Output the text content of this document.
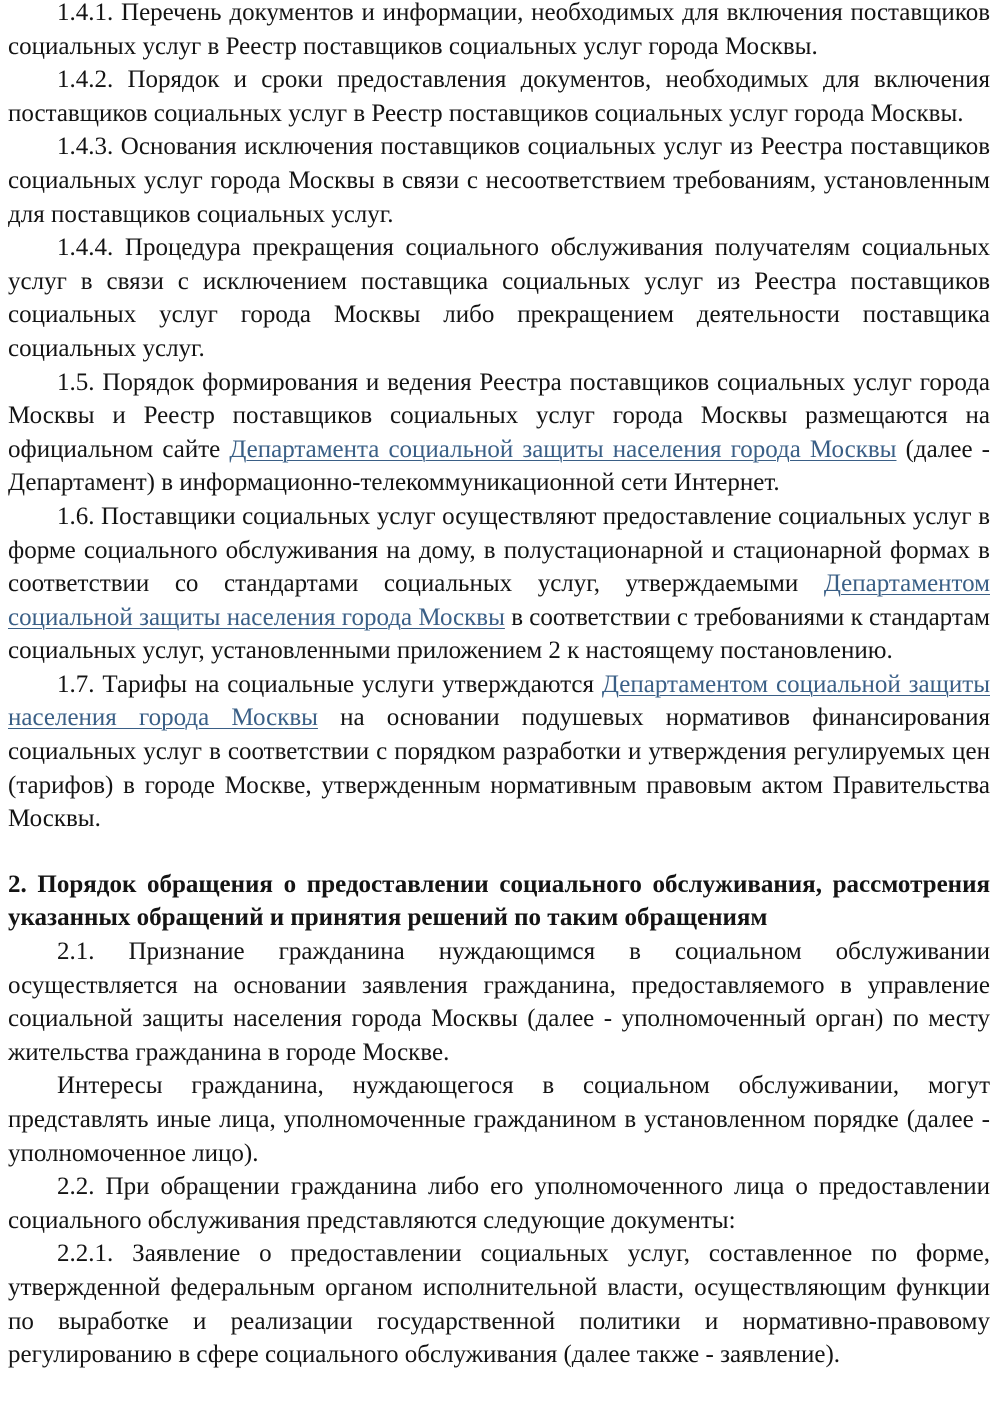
1.4.1. Перечень документов и информации, необходимых для включения поставщиков социальных услуг в Реестр поставщиков социальных услуг города Москвы.

1.4.2. Порядок и сроки предоставления документов, необходимых для включения поставщиков социальных услуг в Реестр поставщиков социальных услуг города Москвы.

1.4.3. Основания исключения поставщиков социальных услуг из Реестра поставщиков социальных услуг города Москвы в связи с несоответствием требованиям, установленным для поставщиков социальных услуг.

1.4.4. Процедура прекращения социального обслуживания получателям социальных услуг в связи с исключением поставщика социальных услуг из Реестра поставщиков социальных услуг города Москвы либо прекращением деятельности поставщика социальных услуг.

1.5. Порядок формирования и ведения Реестра поставщиков социальных услуг города Москвы и Реестр поставщиков социальных услуг города Москвы размещаются на официальном сайте Департамента социальной защиты населения города Москвы (далее - Департамент) в информационно-телекоммуникационной сети Интернет.

1.6. Поставщики социальных услуг осуществляют предоставление социальных услуг в форме социального обслуживания на дому, в полустационарной и стационарной формах в соответствии со стандартами социальных услуг, утверждаемыми Департаментом социальной защиты населения города Москвы в соответствии с требованиями к стандартам социальных услуг, установленными приложением 2 к настоящему постановлению.

1.7. Тарифы на социальные услуги утверждаются Департаментом социальной защиты населения города Москвы на основании подушевых нормативов финансирования социальных услуг в соответствии с порядком разработки и утверждения регулируемых цен (тарифов) в городе Москве, утвержденным нормативным правовым актом Правительства Москвы.

2. Порядок обращения о предоставлении социального обслуживания, рассмотрения указанных обращений и принятия решений по таким обращениям

2.1. Признание гражданина нуждающимся в социальном обслуживании осуществляется на основании заявления гражданина, предоставляемого в управление социальной защиты населения города Москвы (далее - уполномоченный орган) по месту жительства гражданина в городе Москве.

Интересы гражданина, нуждающегося в социальном обслуживании, могут представлять иные лица, уполномоченные гражданином в установленном порядке (далее - уполномоченное лицо).

2.2. При обращении гражданина либо его уполномоченного лица о предоставлении социального обслуживания представляются следующие документы:

2.2.1. Заявление о предоставлении социальных услуг, составленное по форме, утвержденной федеральным органом исполнительной власти, осуществляющим функции по выработке и реализации государственной политики и нормативно-правовому регулированию в сфере социального обслуживания (далее также - заявление).
